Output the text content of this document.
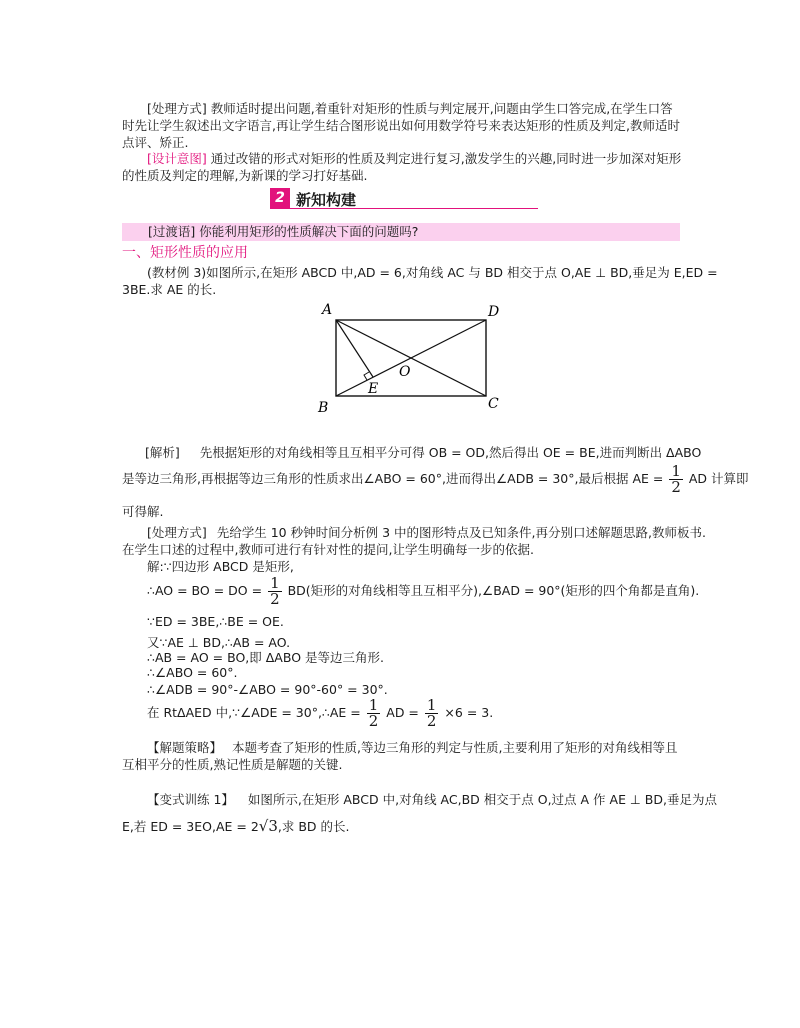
[处理方式] 教师适时提出问题,着重针对矩形的性质与判定展开,问题由学生口答完成,在学生口答时先让学生叙述出文字语言,再让学生结合图形说出如何用数学符号来表达矩形的性质及判定,教师适时点评、矫正.
[设计意图] 通过改错的形式对矩形的性质及判定进行复习,激发学生的兴趣,同时进一步加深对矩形的性质及判定的理解,为新课的学习打好基础.
2 新知构建
[过渡语] 你能利用矩形的性质解决下面的问题吗?
一、矩形性质的应用
(教材例 3)如图所示,在矩形 ABCD 中,AD = 6,对角线 AC 与 BD 相交于点 O,AE ⊥ BD,垂足为 E,ED =
3BE.求 AE 的长.
A	D
B	C
E
O
[解析] 先根据矩形的对角线相等且互相平分可得 OB = OD,然后得出 OE = BE,进而判断出 ΔABO
是等边三角形,再根据等边三角形的性质求出∠ABO = 60°,进而得出∠ADB = 30°,最后根据 AE = $\frac{1}{2}$ AD 计算即
可得解.
[处理方式] 先给学生 10 秒钟时间分析例 3 中的图形特点及已知条件,再分别口述解题思路,教师板书.
在学生口述的过程中,教师可进行有针对性的提问,让学生明确每一步的依据.
解:∵四边形 ABCD 是矩形,
∴AO = BO = DO = $\frac{1}{2} BD$(矩形的对角线相等且互相平分),∠BAD = 90°(矩形的四个角都是直角).
∵ED = 3BE,∴BE = OE.
又∵AE ⊥ BD,∴AB = AO.
∴AB = AO = BO,即 ΔABO 是等边三角形.
∴∠ABO = 60°.
∴∠ADB = 90°-∠ABO = 90°-60° = 30°.
在 RtΔAED 中,∵∠ADE = 30°,∴AE = $\frac{1}{2}$ AD = $\frac{1}{2} \times 6 = 3$.
【解题策略】 本题考查了矩形的性质,等边三角形的判定与性质,主要利用了矩形的对角线相等且互相平分的性质,熟记性质是解题的关键.
【变式训练 1】 如图所示,在矩形 ABCD 中,对角线 AC,BD 相交于点 O,过点 A 作 AE ⊥ BD,垂足为点
E,若 ED = 3EO,AE = 2√3,求 BD 的长.
